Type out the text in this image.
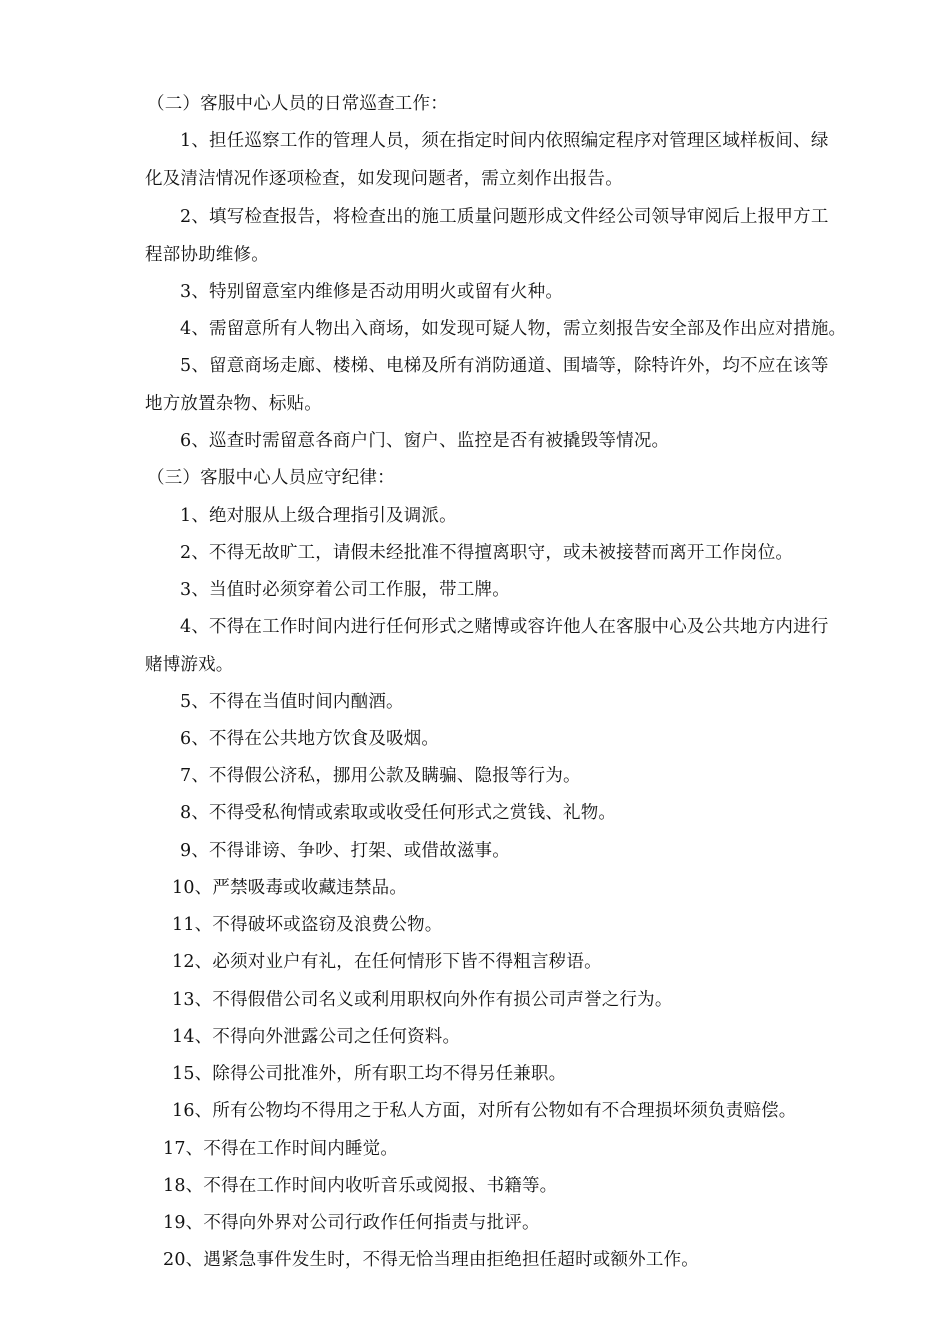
（二）客服中心人员的日常巡查工作：
1、担任巡察工作的管理人员，须在指定时间内依照编定程序对管理区域样板间、绿
化及清洁情况作逐项检查，如发现问题者，需立刻作出报告。
2、填写检查报告，将检查出的施工质量问题形成文件经公司领导审阅后上报甲方工
程部协助维修。
3、特别留意室内维修是否动用明火或留有火种。
4、需留意所有人物出入商场，如发现可疑人物，需立刻报告安全部及作出应对措施。
5、留意商场走廊、楼梯、电梯及所有消防通道、围墙等，除特许外，均不应在该等
地方放置杂物、标贴。
6、巡查时需留意各商户门、窗户、监控是否有被撬毁等情况。
（三）客服中心人员应守纪律：
1、绝对服从上级合理指引及调派。
2、不得无故旷工，请假未经批准不得擅离职守，或未被接替而离开工作岗位。
3、当值时必须穿着公司工作服，带工牌。
4、不得在工作时间内进行任何形式之赌博或容许他人在客服中心及公共地方内进行
赌博游戏。
5、不得在当值时间内酗酒。
6、不得在公共地方饮食及吸烟。
7、不得假公济私，挪用公款及瞒骗、隐报等行为。
8、不得受私徇情或索取或收受任何形式之赏钱、礼物。
9、不得诽谤、争吵、打架、或借故滋事。
10、严禁吸毒或收藏违禁品。
11、不得破坏或盗窃及浪费公物。
12、必须对业户有礼，在任何情形下皆不得粗言秽语。
13、不得假借公司名义或利用职权向外作有损公司声誉之行为。
14、不得向外泄露公司之任何资料。
15、除得公司批准外，所有职工均不得另任兼职。
16、所有公物均不得用之于私人方面，对所有公物如有不合理损坏须负责赔偿。
17、不得在工作时间内睡觉。
18、不得在工作时间内收听音乐或阅报、书籍等。
19、不得向外界对公司行政作任何指责与批评。
20、遇紧急事件发生时，不得无恰当理由拒绝担任超时或额外工作。
